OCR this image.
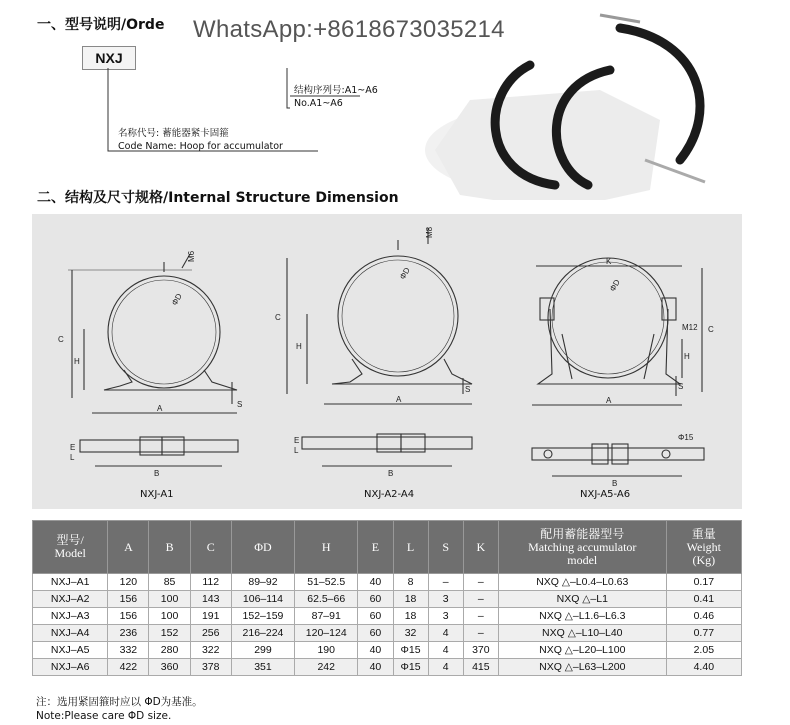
一、型号说明/Orde WhatsApp:+8618673035214
NXJ
结构序列号:A1~A6
No.A1~A6
名称代号: 蓄能器紧卡固箍
Code Name: Hoop for accumulator
二、结构及尺寸规格/Internal Structure Dimension
C
H
A	S
M6
ΦD
E
L
B
C
H
A
S
M8
ΦD
E
L
B
K
C
H
A
S
M12
ΦD
Φ15
B
NXJ-A1	NXJ-A2-A4	NXJ-A5-A6
型号/
Model	A	B	C	ΦD	H	E	L	S	K	配用蓄能器型号
Matching accumulator
model	重量
Weight
(Kg)
NXJ–A1	120	85	112	89–92	51–52.5	40	8	–	–	NXQ △–L0.4–L0.63	0.17
NXJ–A2	156	100	143	106–114	62.5–66	60	18	3	–	NXQ △–L1	0.41
NXJ–A3	156	100	191	152–159	87–91	60	18	3	–	NXQ △–L1.6–L6.3	0.46
NXJ–A4	236	152	256	216–224	120–124	60	32	4	–	NXQ △–L10–L40	0.77
NXJ–A5	332	280	322	299	190	40	Φ15	4	370	NXQ △–L20–L100	2.05
NXJ–A6	422	360	378	351	242	40	Φ15	4	415	NXQ △–L63–L200	4.40
注：选用紧固箍时应以 ΦD为基准。
Note:Please care ΦD size.
